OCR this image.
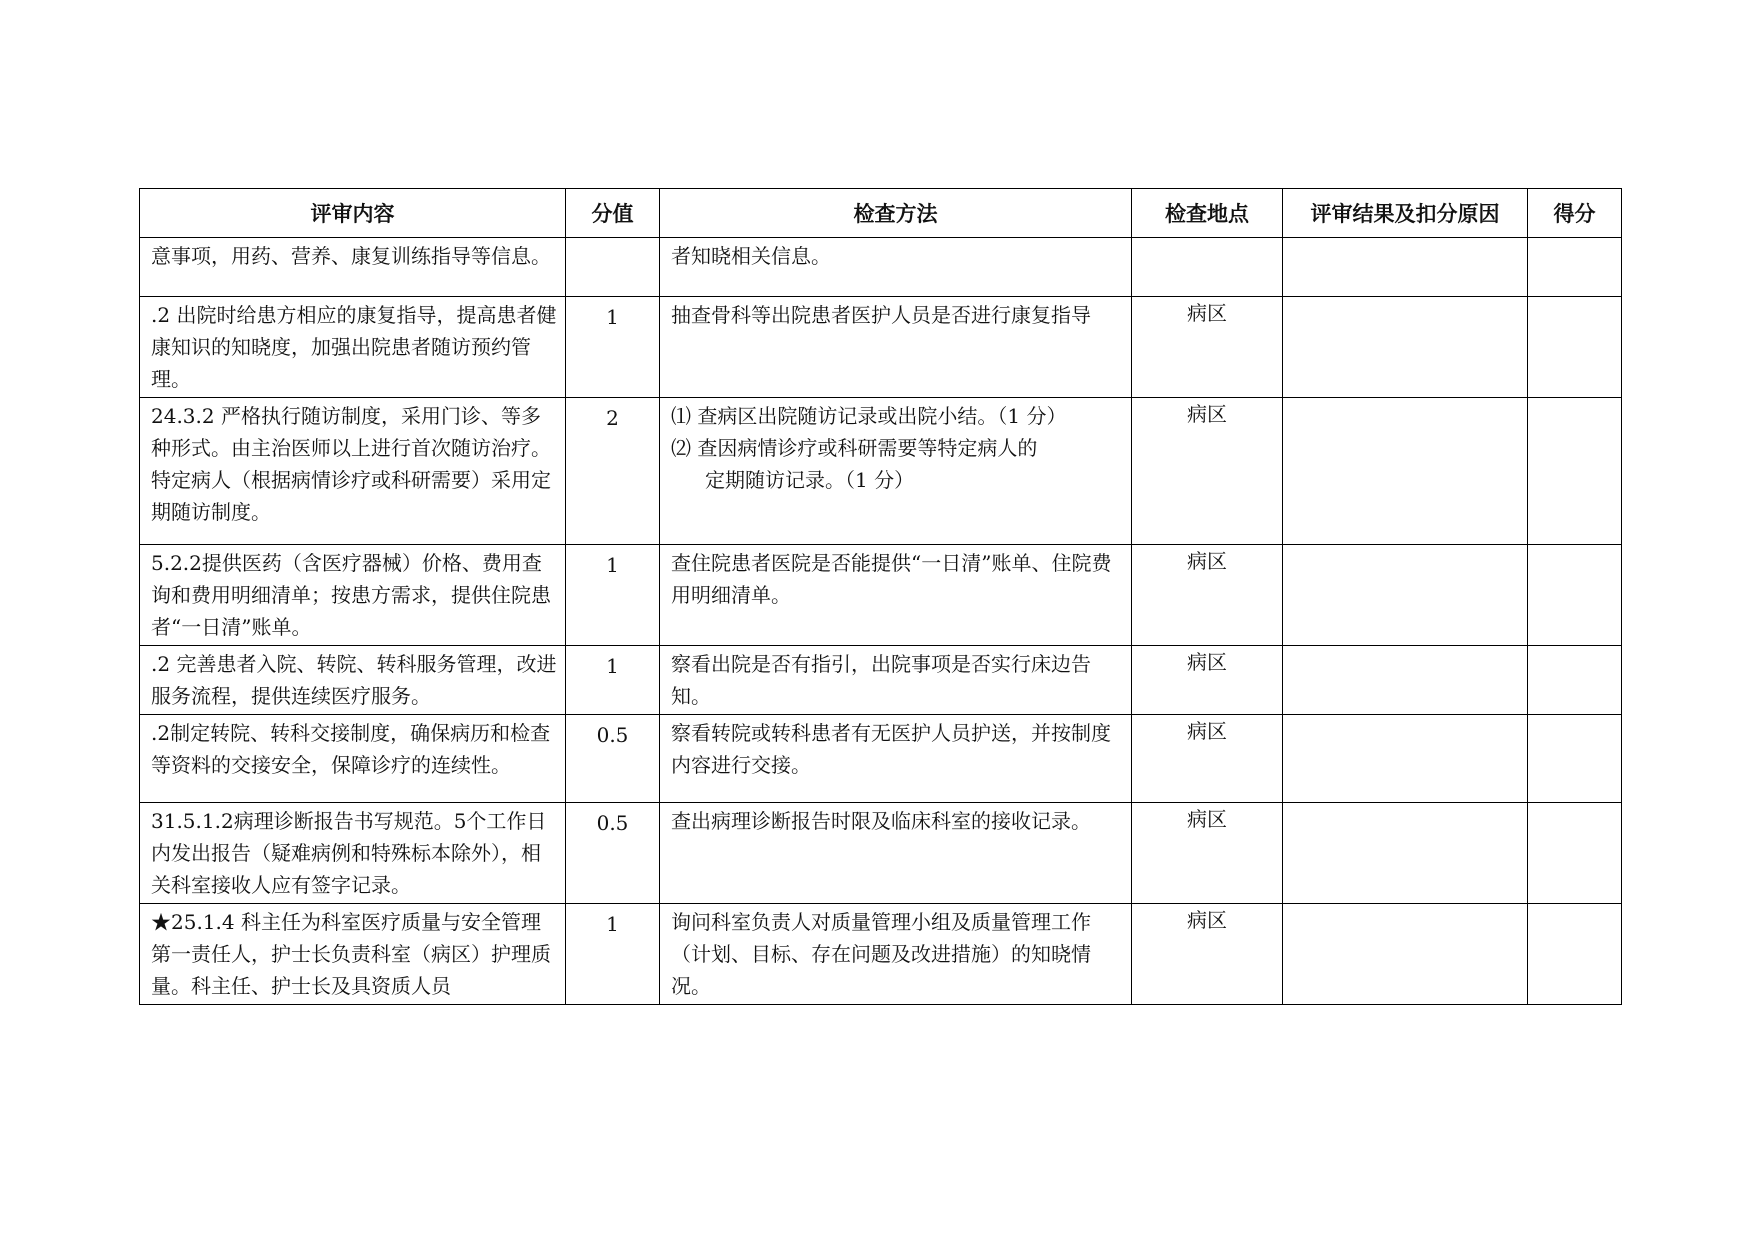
评审内容	分值	检查方法	检查地点	评审结果及扣分原因	得分

意事项，用药、营养、康复训练指导等信息。		者知晓相关信息。			

.2 出院时给患方相应的康复指导，提高患者健康知识的知晓度，加强出院患者随访预约管理。	1	抽查骨科等出院患者医护人员是否进行康复指导	病区		

24.3.2 严格执行随访制度，采用门诊、等多种形式。由主治医师以上进行首次随访治疗。
特定病人（根据病情诊疗或科研需要）采用定期随访制度。	2	⑴ 查病区出院随访记录或出院小结。（1 分）
⑵ 查因病情诊疗或科研需要等特定病人的
定期随访记录。（1 分）	病区		

5.2.2提供医药（含医疗器械）价格、费用查询和费用明细清单；按患方需求，提供住院患者“一日清”账单。	1	查住院患者医院是否能提供“一日清”账单、住院费用明细清单。	病区		

.2 完善患者入院、转院、转科服务管理，改进服务流程，提供连续医疗服务。	1	察看出院是否有指引，出院事项是否实行床边告知。	病区		

.2制定转院、转科交接制度，确保病历和检查等资料的交接安全，保障诊疗的连续性。	0.5	察看转院或转科患者有无医护人员护送，并按制度内容进行交接。	病区		

31.5.1.2病理诊断报告书写规范。5个工作日内发出报告（疑难病例和特殊标本除外），相关科室接收人应有签字记录。	0.5	查出病理诊断报告时限及临床科室的接收记录。	病区		

★25.1.4 科主任为科室医疗质量与安全管理第一责任人，护士长负责科室（病区）护理质量。科主任、护士长及具资质人员	1	询问科室负责人对质量管理小组及质量管理工作（计划、目标、存在问题及改进措施）的知晓情况。	病区		
